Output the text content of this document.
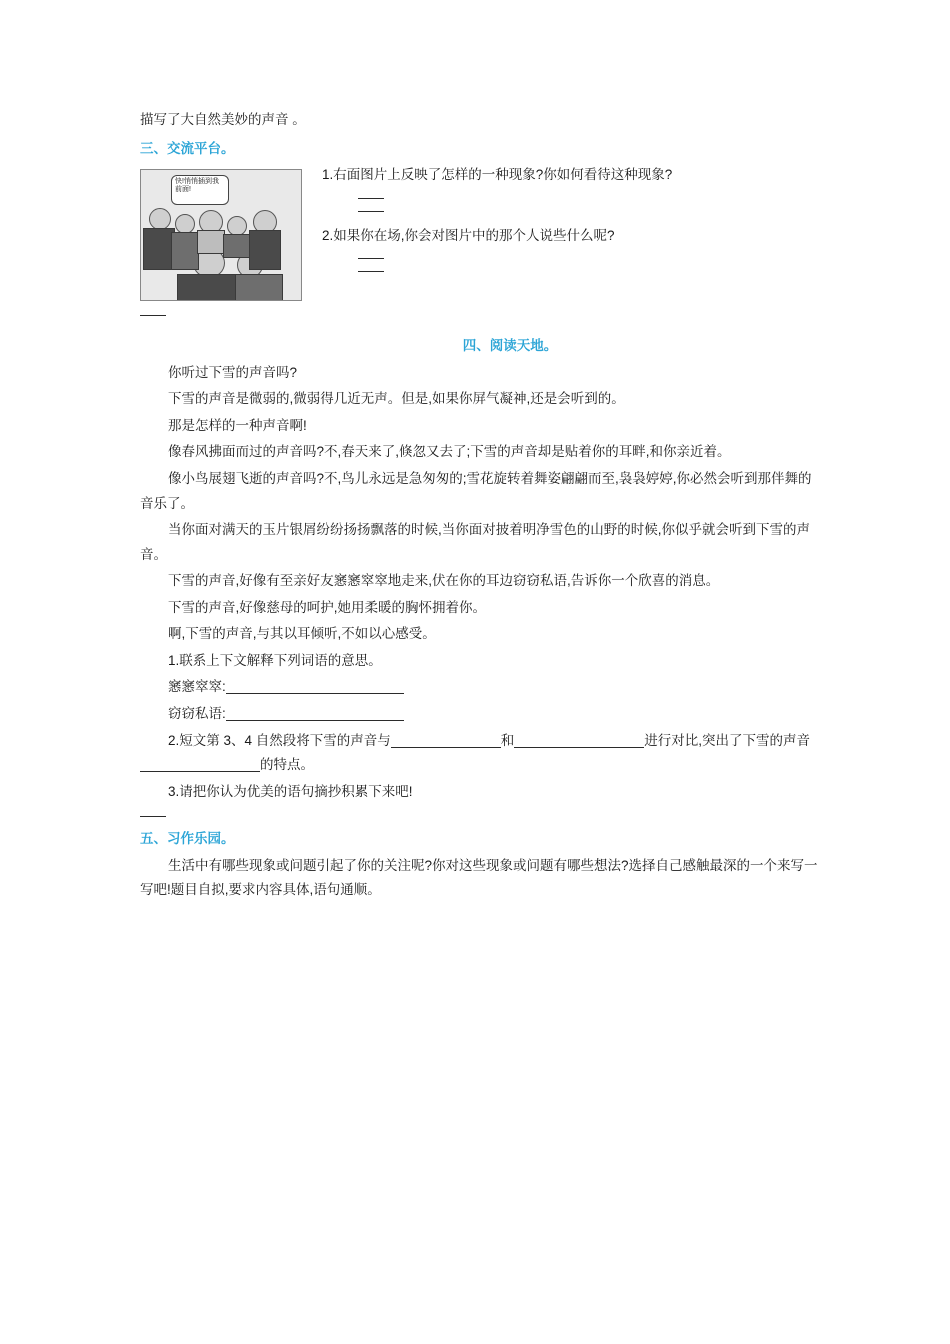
描写了大自然美妙的声音 。

三、交流平台。

快!悄悄插到我前面!

1.右面图片上反映了怎样的一种现象?你如何看待这种现象?

2.如果你在场,你会对图片中的那个人说些什么呢?

四、阅读天地。

你听过下雪的声音吗?

下雪的声音是微弱的,微弱得几近无声。但是,如果你屏气凝神,还是会听到的。

那是怎样的一种声音啊!

像春风拂面而过的声音吗?不,春天来了,倏忽又去了;下雪的声音却是贴着你的耳畔,和你亲近着。

像小鸟展翅飞逝的声音吗?不,鸟儿永远是急匆匆的;雪花旋转着舞姿翩翩而至,袅袅婷婷,你必然会听到那伴舞的音乐了。

当你面对满天的玉片银屑纷纷扬扬飘落的时候,当你面对披着明净雪色的山野的时候,你似乎就会听到下雪的声音。

下雪的声音,好像有至亲好友窸窸窣窣地走来,伏在你的耳边窃窃私语,告诉你一个欣喜的消息。

下雪的声音,好像慈母的呵护,她用柔暖的胸怀拥着你。

啊,下雪的声音,与其以耳倾听,不如以心感受。

1.联系上下文解释下列词语的意思。

窸窸窣窣:

窃窃私语:

2.短文第 3、4 自然段将下雪的声音与	和	进行对比,突出了下雪的声音的特点。

3.请把你认为优美的语句摘抄积累下来吧!

五、习作乐园。

生活中有哪些现象或问题引起了你的关注呢?你对这些现象或问题有哪些想法?选择自己感触最深的一个来写一写吧!题目自拟,要求内容具体,语句通顺。
